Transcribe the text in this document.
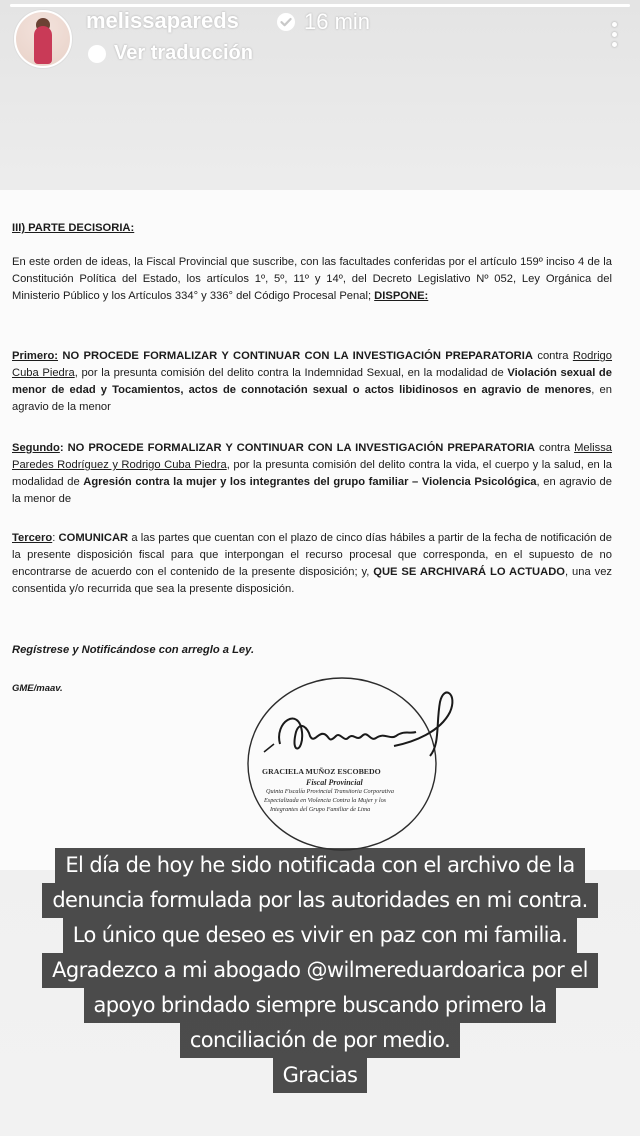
melissapareds	16 min
Ver traducción

III) PARTE DECISORIA:

En este orden de ideas, la Fiscal Provincial que suscribe, con las facultades conferidas por el artículo 159º inciso 4 de la Constitución Política del Estado, los artículos 1º, 5º, 11º y 14º, del Decreto Legislativo Nº 052, Ley Orgánica del Ministerio Público y los Artículos 334° y 336° del Código Procesal Penal; DISPONE:

Primero: NO PROCEDE FORMALIZAR Y CONTINUAR CON LA INVESTIGACIÓN PREPARATORIA contra Rodrigo Cuba Piedra, por la presunta comisión del delito contra la Indemnidad Sexual, en la modalidad de Violación sexual de menor de edad y Tocamientos, actos de connotación sexual o actos libidinosos en agravio de menores, en agravio de la menor

Segundo: NO PROCEDE FORMALIZAR Y CONTINUAR CON LA INVESTIGACIÓN PREPARATORIA contra Melissa Paredes Rodríguez y Rodrigo Cuba Piedra, por la presunta comisión del delito contra la vida, el cuerpo y la salud, en la modalidad de Agresión contra la mujer y los integrantes del grupo familiar – Violencia Psicológica, en agravio de la menor de

Tercero: COMUNICAR a las partes que cuentan con el plazo de cinco días hábiles a partir de la fecha de notificación de la presente disposición fiscal para que interpongan el recurso procesal que corresponda, en el supuesto de no encontrarse de acuerdo con el contenido de la presente disposición; y, QUE SE ARCHIVARÁ LO ACTUADO, una vez consentida y/o recurrida que sea la presente disposición.

Regístrese y Notificándose con arreglo a Ley.

GME/maav.

GRACIELA MUÑOZ ESCOBEDO
Fiscal Provincial
Quinta Fiscalía Provincial Transitoria Corporativa
Especializada en Violencia Contra la Mujer y los
Integrantes del Grupo Familiar de Lima
El día de hoy he sido notificada con el archivo de la
denuncia formulada por las autoridades en mi contra.
Lo único que deseo es vivir en paz con mi familia.
Agradezco a mi abogado @wilmereduardoarica por el
apoyo brindado siempre buscando primero la
conciliación de por medio.
Gracias
